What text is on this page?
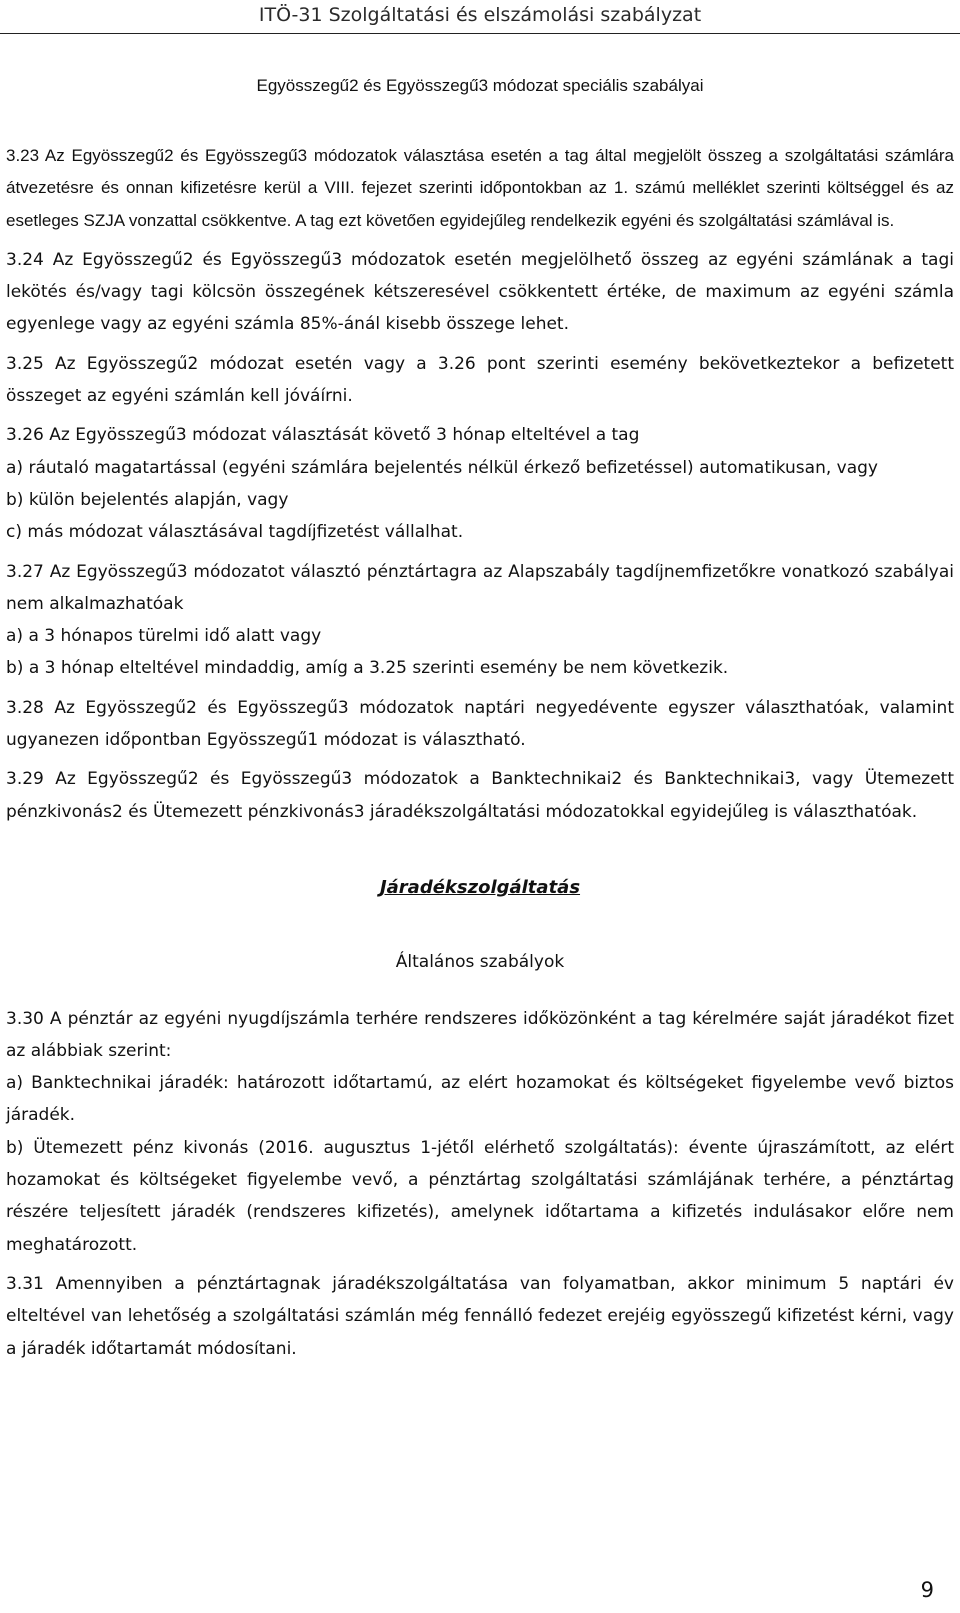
ITÖ-31 Szolgáltatási és elszámolási szabályzat
Egyösszegű2 és Egyösszegű3 módozat speciális szabályai

3.23 Az Egyösszegű2 és Egyösszegű3 módozatok választása esetén a tag által megjelölt összeg a szolgáltatási számlára átvezetésre és onnan kifizetésre kerül a VIII. fejezet szerinti időpontokban az 1. számú melléklet szerinti költséggel és az esetleges SZJA vonzattal csökkentve. A tag ezt követően egyidejűleg rendelkezik egyéni és szolgáltatási számlával is.

3.24 Az Egyösszegű2 és Egyösszegű3 módozatok esetén megjelölhető összeg az egyéni számlának a tagi lekötés és/vagy tagi kölcsön összegének kétszeresével csökkentett értéke, de maximum az egyéni számla egyenlege vagy az egyéni számla 85%-ánál kisebb összege lehet.

3.25 Az Egyösszegű2 módozat esetén vagy a 3.26 pont szerinti esemény bekövetkeztekor a befizetett összeget az egyéni számlán kell jóváírni.

3.26 Az Egyösszegű3 módozat választását követő 3 hónap elteltével a tag

a) ráutaló magatartással (egyéni számlára bejelentés nélkül érkező befizetéssel) automatikusan, vagy

b) külön bejelentés alapján, vagy

c) más módozat választásával tagdíjfizetést vállalhat.

3.27 Az Egyösszegű3 módozatot választó pénztártagra az Alapszabály tagdíjnemfizetőkre vonatkozó szabályai nem alkalmazhatóak

a) a 3 hónapos türelmi idő alatt vagy

b) a 3 hónap elteltével mindaddig, amíg a 3.25 szerinti esemény be nem következik.

3.28 Az Egyösszegű2 és Egyösszegű3 módozatok naptári negyedévente egyszer választhatóak, valamint ugyanezen időpontban Egyösszegű1 módozat is választható.

3.29 Az Egyösszegű2 és Egyösszegű3 módozatok a Banktechnikai2 és Banktechnikai3, vagy Ütemezett pénzkivonás2 és Ütemezett pénzkivonás3 járadékszolgáltatási módozatokkal egyidejűleg is választhatóak.

Járadékszolgáltatás

Általános szabályok

3.30 A pénztár az egyéni nyugdíjszámla terhére rendszeres időközönként a tag kérelmére saját járadékot fizet az alábbiak szerint:

a) Banktechnikai járadék: határozott időtartamú, az elért hozamokat és költségeket figyelembe vevő biztos járadék.

b) Ütemezett pénz kivonás (2016. augusztus 1-jétől elérhető szolgáltatás): évente újraszámított, az elért hozamokat és költségeket figyelembe vevő, a pénztártag szolgáltatási számlájának terhére, a pénztártag részére teljesített járadék (rendszeres kifizetés), amelynek időtartama a kifizetés indulásakor előre nem meghatározott.

3.31 Amennyiben a pénztártagnak járadékszolgáltatása van folyamatban, akkor minimum 5 naptári év elteltével van lehetőség a szolgáltatási számlán még fennálló fedezet erejéig egyösszegű kifizetést kérni, vagy a járadék időtartamát módosítani.

9
